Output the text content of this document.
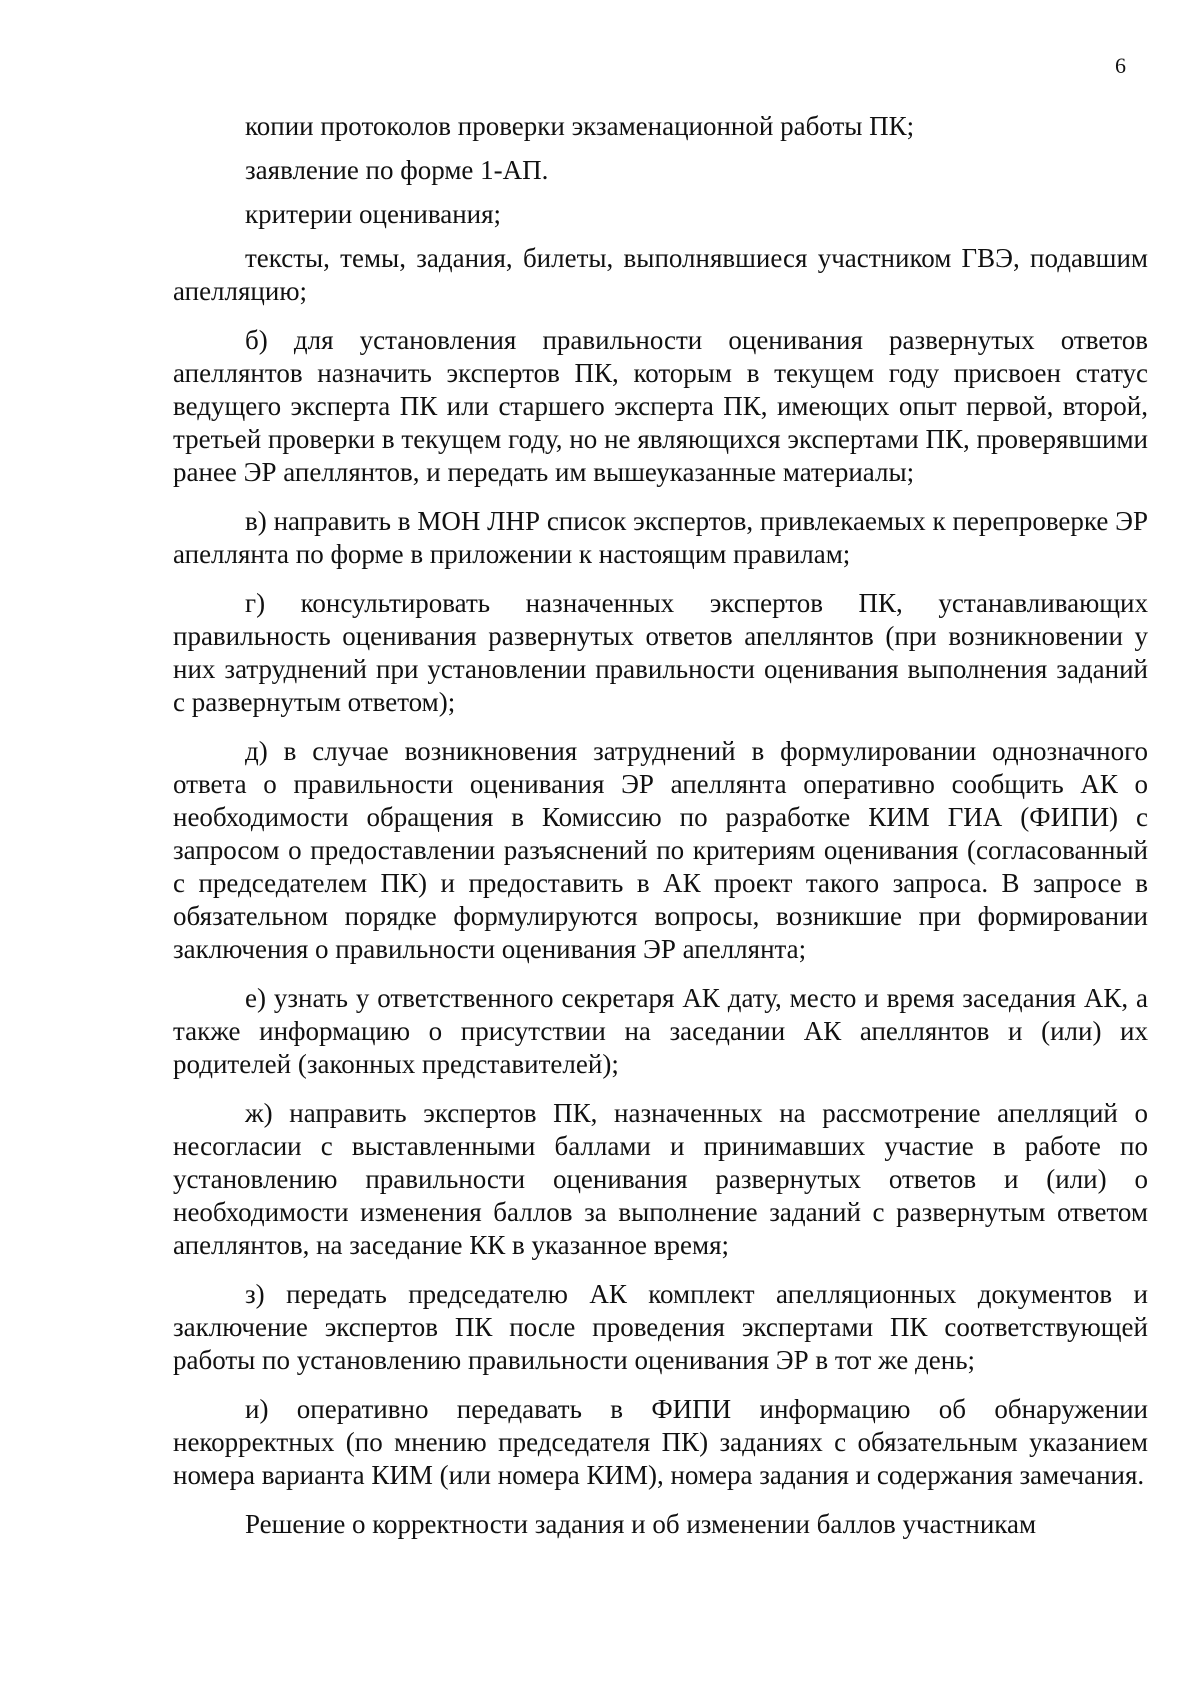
6

копии протоколов проверки экзаменационной работы ПК;

заявление по форме 1-АП.

критерии оценивания;

тексты, темы, задания, билеты, выполнявшиеся участником ГВЭ, подавшим апелляцию;

б) для установления правильности оценивания развернутых ответов апеллянтов назначить экспертов ПК, которым в текущем году присвоен статус ведущего эксперта ПК или старшего эксперта ПК, имеющих опыт первой, второй, третьей проверки в текущем году, но не являющихся экспертами ПК, проверявшими ранее ЭР апеллянтов, и передать им вышеуказанные материалы;

в) направить в МОН ЛНР список экспертов, привлекаемых к перепроверке ЭР апеллянта по форме в приложении к настоящим правилам;

г) консультировать назначенных экспертов ПК, устанавливающих правильность оценивания развернутых ответов апеллянтов (при возникновении у них затруднений при установлении правильности оценивания выполнения заданий с развернутым ответом);

д) в случае возникновения затруднений в формулировании однозначного ответа о правильности оценивания ЭР апеллянта оперативно сообщить АК о необходимости обращения в Комиссию по разработке КИМ ГИА (ФИПИ) с запросом о предоставлении разъяснений по критериям оценивания (согласованный с председателем ПК) и предоставить в АК проект такого запроса. В запросе в обязательном порядке формулируются вопросы, возникшие при формировании заключения о правильности оценивания ЭР апеллянта;

е) узнать у ответственного секретаря АК дату, место и время заседания АК, а также информацию о присутствии на заседании АК апеллянтов и (или) их родителей (законных представителей);

ж) направить экспертов ПК, назначенных на рассмотрение апелляций о несогласии с выставленными баллами и принимавших участие в работе по установлению правильности оценивания развернутых ответов и (или) о необходимости изменения баллов за выполнение заданий с развернутым ответом апеллянтов, на заседание КК в указанное время;

з) передать председателю АК комплект апелляционных документов и заключение экспертов ПК после проведения экспертами ПК соответствующей работы по установлению правильности оценивания ЭР в тот же день;

и) оперативно передавать в ФИПИ информацию об обнаружении некорректных (по мнению председателя ПК) заданиях с обязательным указанием номера варианта КИМ (или номера КИМ), номера задания и содержания замечания.

Решение о корректности задания и об изменении баллов участникам
